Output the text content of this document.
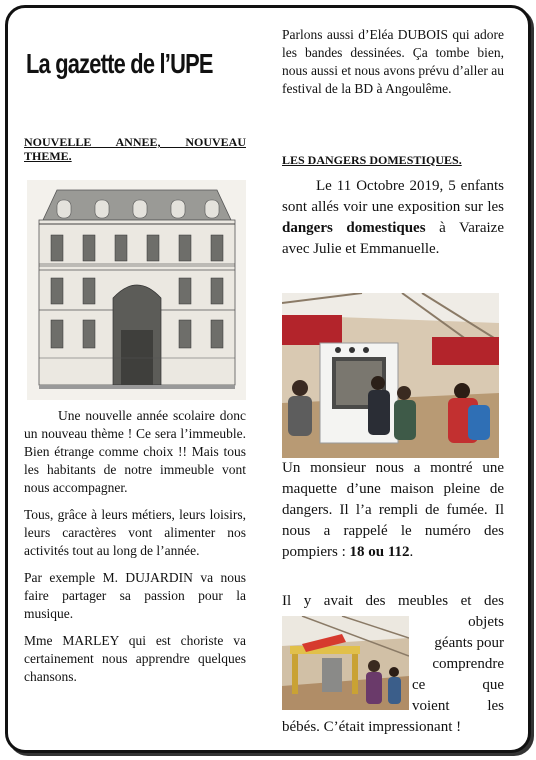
La gazette de l’UPE
NOUVELLE ANNEE, NOUVEAU THEME.

Une nouvelle année scolaire donc un nouveau thème ! Ce sera l’immeuble. Bien étrange comme choix !! Mais tous les habitants de notre immeuble vont nous accompagner.

Tous, grâce à leurs métiers, leurs loisirs, leurs caractères vont alimenter nos activités tout au long de l’année.

Par exemple M. DUJARDIN va nous faire partager sa passion pour la musique.

Mme MARLEY qui est choriste va certainement nous apprendre quelques chansons.

Parlons aussi d’Eléa DUBOIS qui adore les bandes dessinées. Ça tombe bien, nous aussi et nous avons prévu d’aller au festival de la BD à Angoulême.

LES DANGERS DOMESTIQUES.

Le 11 Octobre 2019, 5 enfants sont allés voir une exposition sur les dangers domestiques à Varaize avec Julie et Emmanuelle.

Un monsieur nous a montré une maquette d’une maison pleine de dangers. Il l’a rempli de fumée. Il nous a rappelé le numéro des pompiers : 18 ou 112.

Il y avait des meubles et des

objets
géants pour
comprendre
ce que
voient les

bébés. C’était impressionant !
